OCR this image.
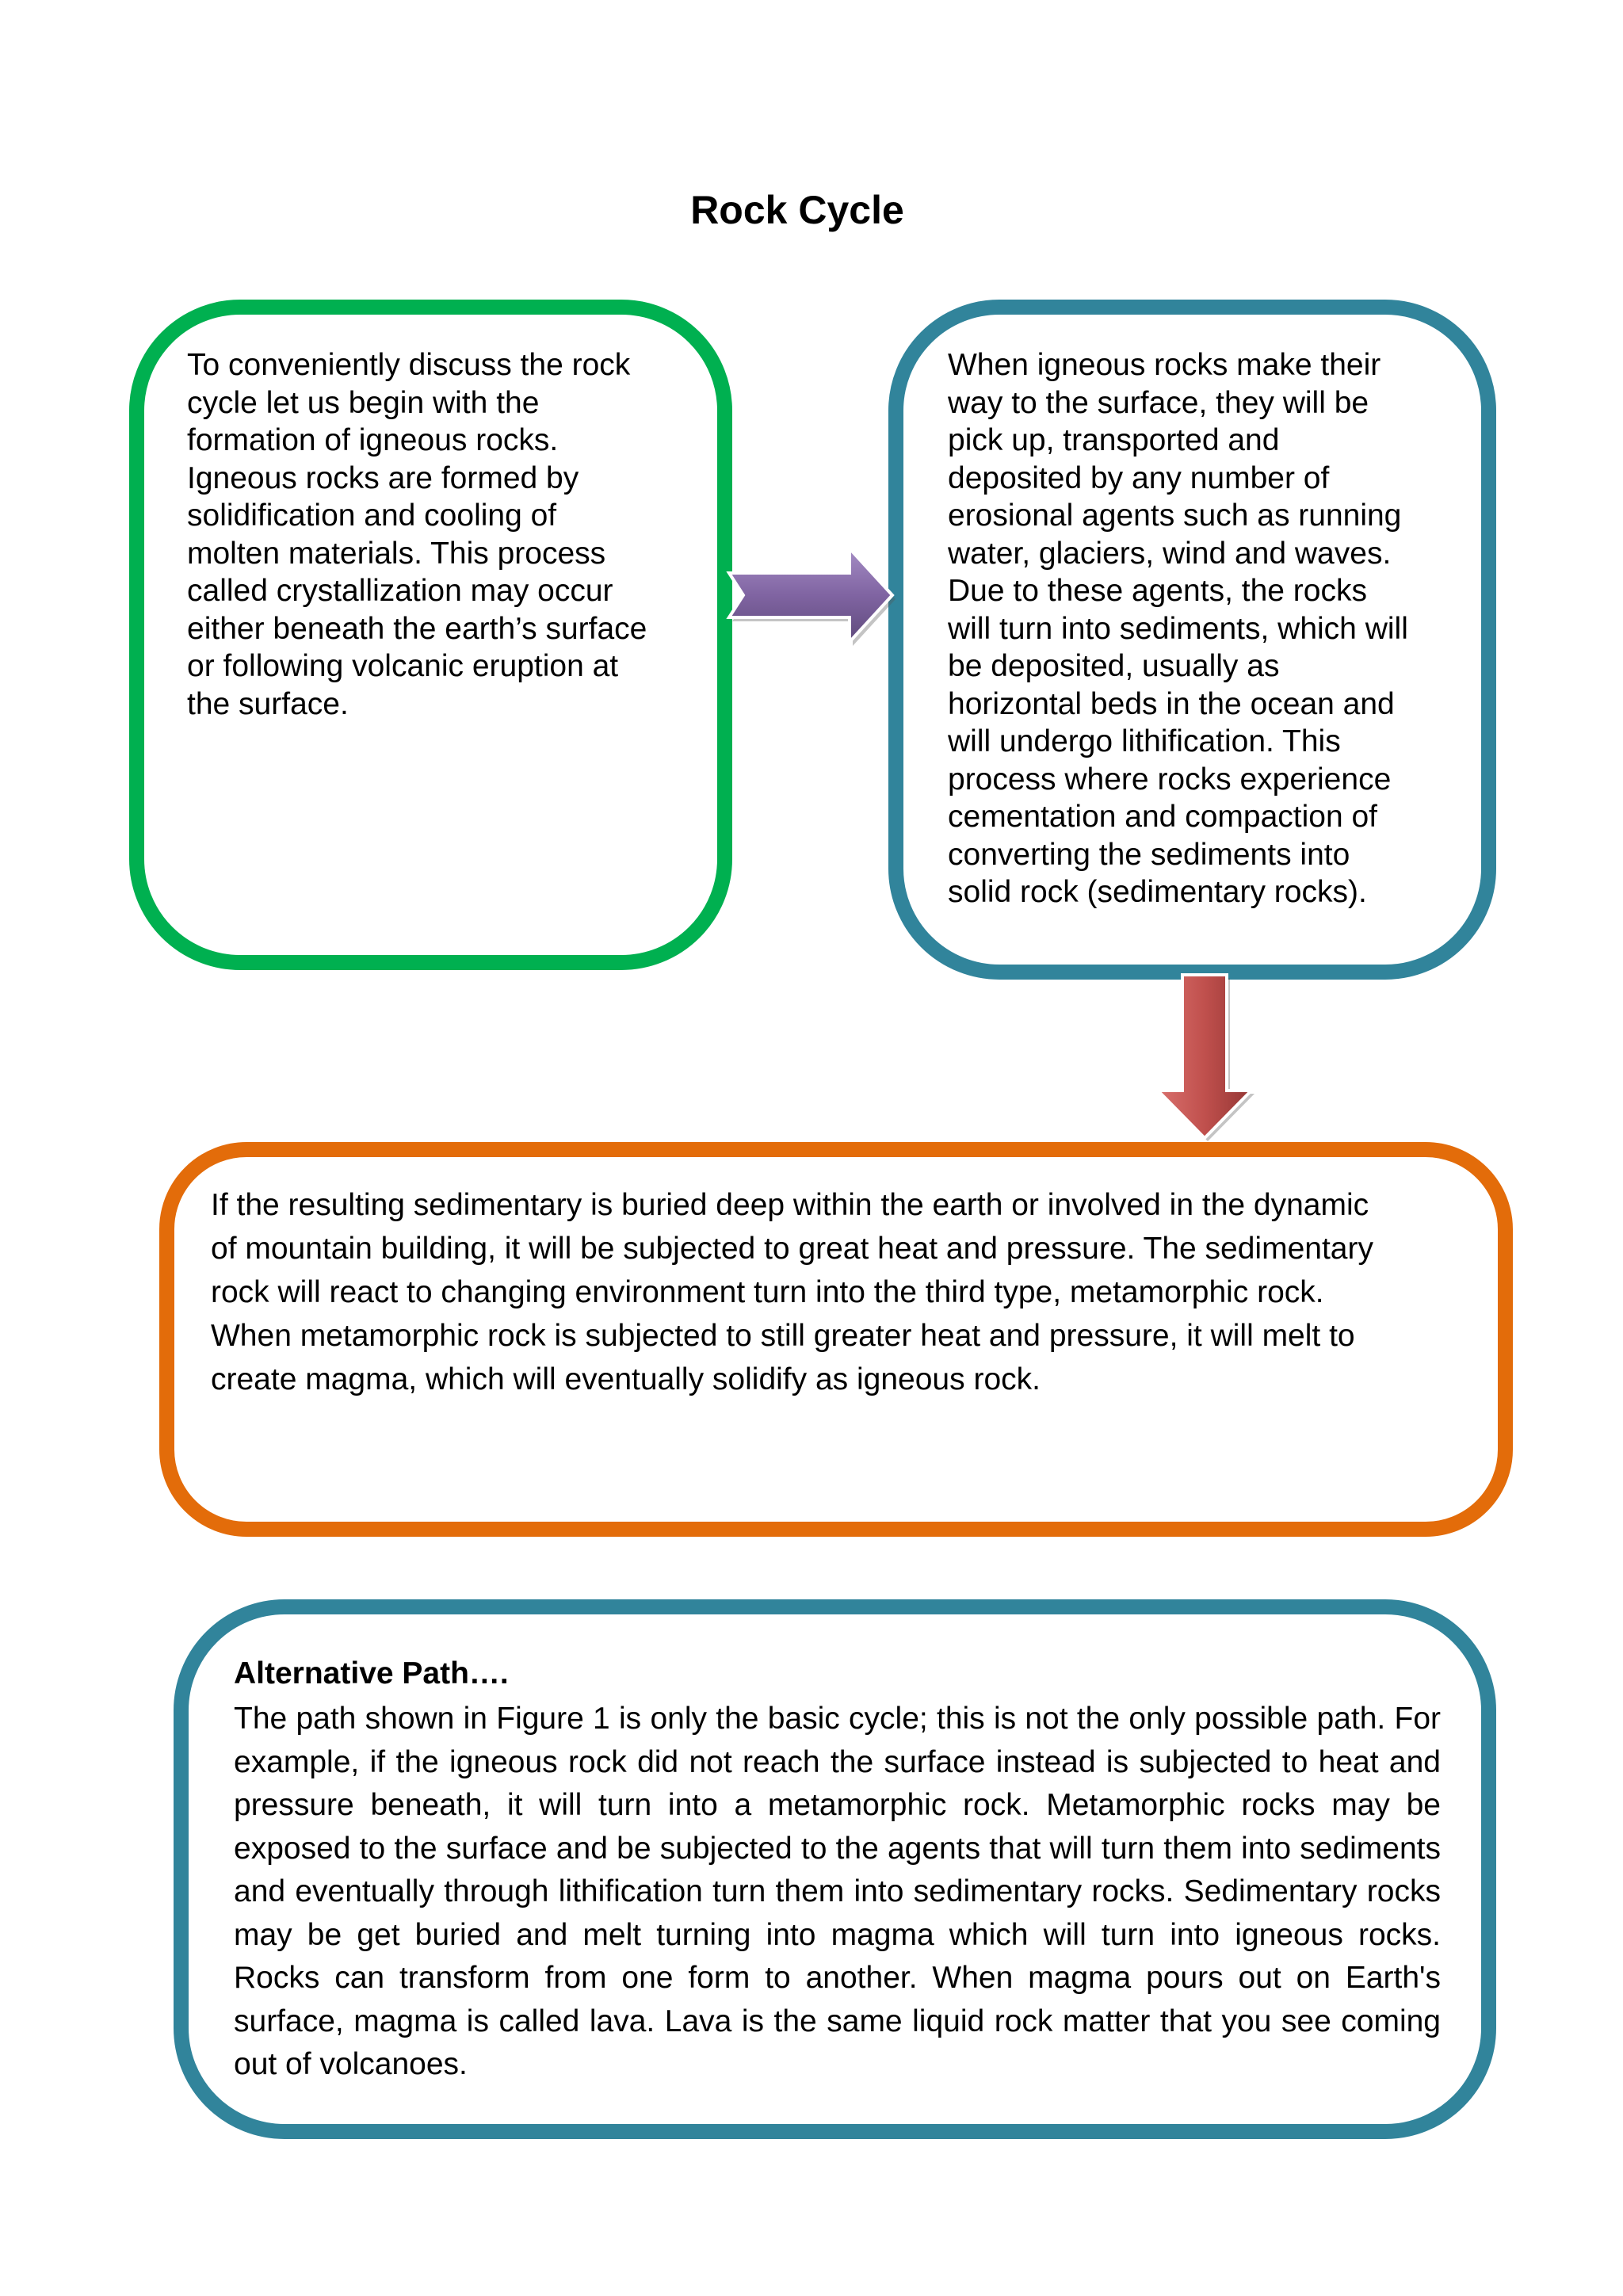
Rock Cycle
To conveniently discuss the rock
cycle let us begin with the
formation of igneous rocks.
Igneous rocks are formed by
solidification and cooling of
molten materials. This process
called crystallization may occur
either beneath the earth’s surface
or following volcanic eruption at
the surface.
When igneous rocks make their
way to the surface, they will be
pick up, transported and
deposited by any number of
erosional agents such as running
water, glaciers, wind and waves.
Due to these agents, the rocks
will turn into sediments, which will
be deposited, usually as
horizontal beds in the ocean and
will undergo lithification. This
process where rocks experience
cementation and compaction of
converting the sediments into
solid rock (sedimentary rocks).
If the resulting sedimentary is buried deep within the earth or involved in the dynamic
of mountain building, it will be subjected to great heat and pressure. The sedimentary
rock will react to changing environment turn into the third type, metamorphic rock.
When metamorphic rock is subjected to still greater heat and pressure, it will melt to
create magma, which will eventually solidify as igneous rock.
Alternative Path….
The path shown in Figure 1 is only the basic cycle; this is not the only possible path. For example, if the igneous rock did not reach the surface instead is subjected to heat and pressure beneath, it will turn into a metamorphic rock. Metamorphic rocks may be exposed to the surface and be subjected to the agents that will turn them into sediments and eventually through lithification turn them into sedimentary rocks. Sedimentary rocks may be get buried and melt turning into magma which will turn into igneous rocks. Rocks can transform from one form to another. When magma pours out on Earth's surface, magma is called lava. Lava is the same liquid rock matter that you see coming out of volcanoes.
